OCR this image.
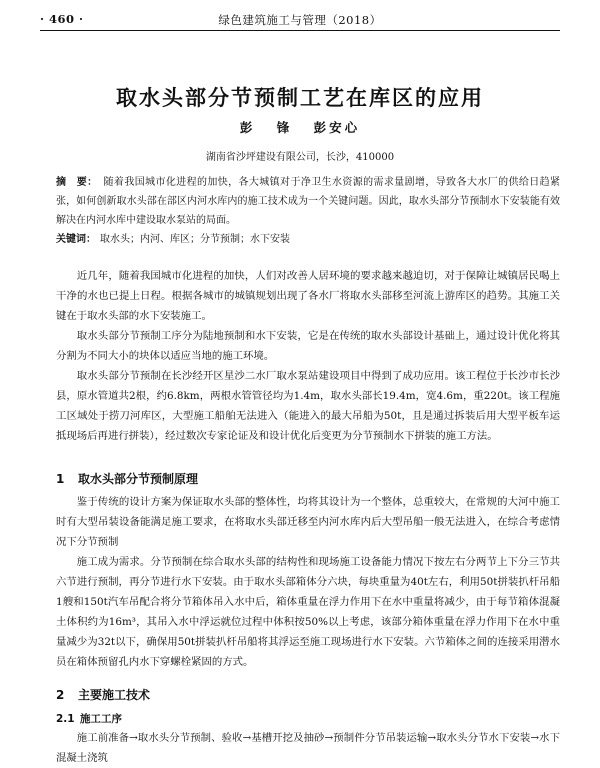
· 460 ·	绿色建筑施工与管理（2018）
取水头部分节预制工艺在库区的应用
彭 锋 彭安心
湖南省沙坪建设有限公司，长沙，410000
摘　要： 随着我国城市化进程的加快，各大城镇对于净卫生水资源的需求量剧增，导致各大水厂的供给日趋紧张，如何创新取水头部在部区内河水库内的施工技术成为一个关键问题。因此，取水头部分节预制水下安装能有效解决在内河水库中建设取水泵站的局面。
关键词： 取水头；内河、库区；分节预制；水下安装

近几年，随着我国城市化进程的加快，人们对改善人居环境的要求越来越迫切，对于保障让城镇居民喝上干净的水也已提上日程。根据各城市的城镇规划出现了各水厂将取水头部移至河流上游库区的趋势。其施工关键在于取水头部的水下安装施工。

取水头部分节预制工序分为陆地预制和水下安装，它是在传统的取水头部设计基础上，通过设计优化将其分割为不同大小的块体以适应当地的施工环境。

取水头部分节预制在长沙经开区星沙二水厂取水泵站建设项目中得到了成功应用。该工程位于长沙市长沙县，原水管道共2根，约6.8km，两根水管管径均为1.4m，取水头部长19.4m，宽4.6m，重220t。该工程施工区域处于捞刀河库区，大型施工船舶无法进入（能进入的最大吊船为50t，且是通过拆装后用大型平板车运抵现场后再进行拼装），经过数次专家论证及和设计优化后变更为分节预制水下拼装的施工方法。

1 取水头部分节预制原理

鉴于传统的设计方案为保证取水头部的整体性，均将其设计为一个整体，总重较大，在常规的大河中施工时有大型吊装设备能满足施工要求，在将取水头部迁移至内河水库内后大型吊船一般无法进入，在综合考虑情况下分节预制

施工成为需求。分节预制在综合取水头部的结构性和现场施工设备能力情况下按左右分两节上下分三节共六节进行预制，再分节进行水下安装。由于取水头部箱体分六块，每块重量为40t左右，利用50t拼装扒杆吊船1艘和150t汽车吊配合将分节箱体吊入水中后，箱体重量在浮力作用下在水中重量将减少，由于每节箱体混凝土体积约为16m³，其吊入水中浮运就位过程中体积按50%以上考虑，该部分箱体重量在浮力作用下在水中重量减少为32t以下，确保用50t拼装扒杆吊船将其浮运至施工现场进行水下安装。六节箱体之间的连接采用潜水员在箱体预留孔内水下穿螺栓紧固的方式。

2 主要施工技术
2.1 施工工序

施工前准备→取水头分节预制、验收→基槽开挖及抽砂→预制件分节吊装运输→取水头分节水下安装→水下混凝土浇筑
